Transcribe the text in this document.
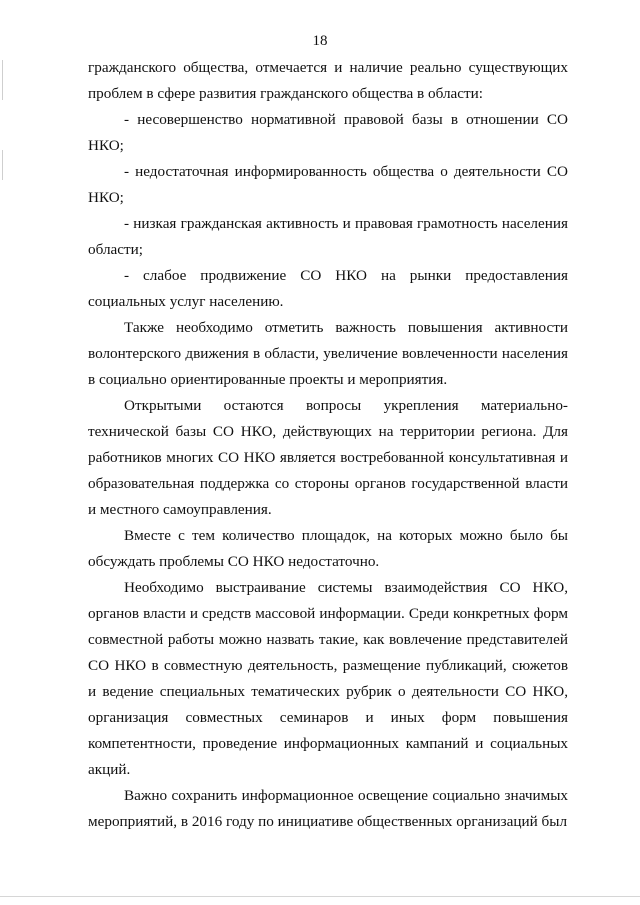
18

гражданского общества, отмечается и наличие реально существующих проблем в сфере развития гражданского общества в области:

- несовершенство нормативной правовой базы в отношении СО НКО;

- недостаточная информированность общества о деятельности СО НКО;

- низкая гражданская активность и правовая грамотность населения области;

- слабое продвижение СО НКО на рынки предоставления социальных услуг населению.

Также необходимо отметить важность повышения активности волонтерского движения в области, увеличение вовлеченности населения в социально ориентированные проекты и мероприятия.

Открытыми остаются вопросы укрепления материально-технической базы СО НКО, действующих на территории региона. Для работников многих СО НКО является востребованной консультативная и образовательная поддержка со стороны органов государственной власти и местного самоуправления.

Вместе с тем количество площадок, на которых можно было бы обсуждать проблемы СО НКО недостаточно.

Необходимо выстраивание системы взаимодействия СО НКО, органов власти и средств массовой информации. Среди конкретных форм совместной работы можно назвать такие, как вовлечение представителей СО НКО в совместную деятельность, размещение публикаций, сюжетов и ведение специальных тематических рубрик о деятельности СО НКО, организация совместных семинаров и иных форм повышения компетентности, проведение информационных кампаний и социальных акций.

Важно сохранить информационное освещение социально значимых мероприятий, в 2016 году по инициативе общественных организаций был
